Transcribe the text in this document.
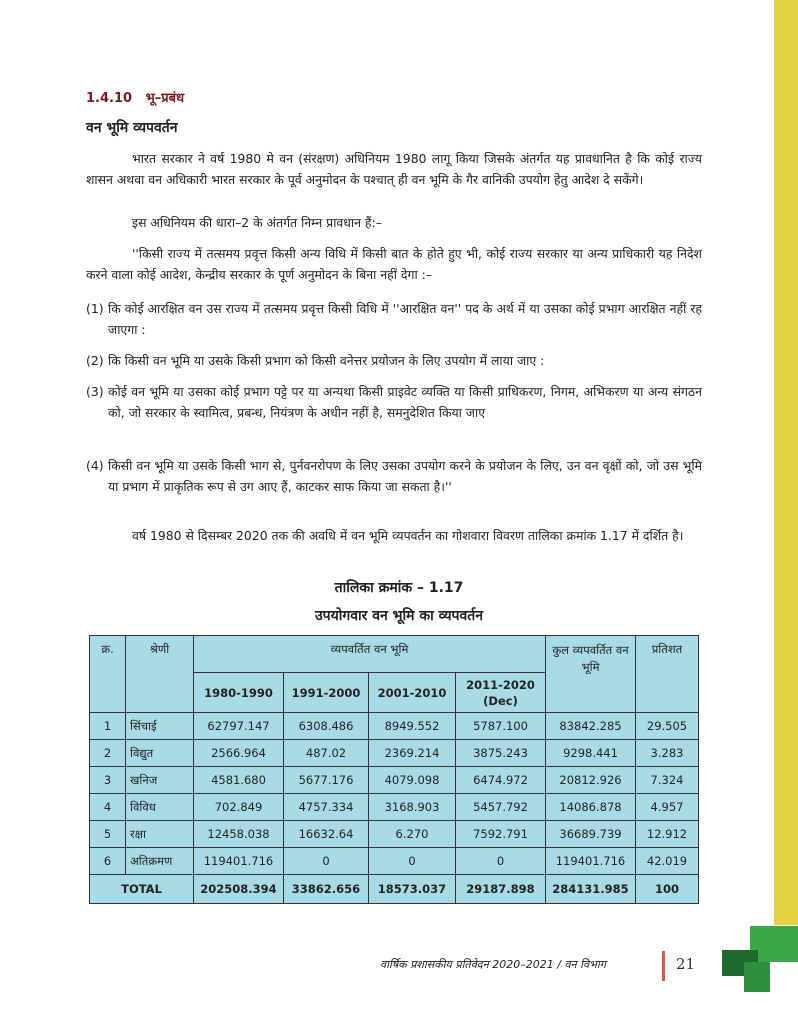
1.4.10 भू–प्रबंध
वन भूमि व्यपवर्तन
भारत सरकार ने वर्ष 1980 मे वन (संरक्षण) अधिनियम 1980 लागू किया जिसके अंतर्गत यह प्रावधानित है कि कोई राज्य शासन अथवा वन अधिकारी भारत सरकार के पूर्व अनुमोदन के पश्चात् ही वन भूमि के गैर वानिकी उपयोग हेतु आदेश दे सकेंगे।
इस अधिनियम की धारा–2 के अंतर्गत निम्न प्रावधान हैं:–
''किसी राज्य में तत्समय प्रवृत्त किसी अन्य विधि में किसी बात के होते हुए भी, कोई राज्य सरकार या अन्य प्राधिकारी यह निदेश करने वाला कोई आदेश, केन्द्रीय सरकार के पूर्ण अनुमोदन के बिना नहीं देगा :–
(1) कि कोई आरक्षित वन उस राज्य में तत्समय प्रवृत्त किसी विधि में ''आरक्षित वन'' पद के अर्थ में या उसका कोई प्रभाग आरक्षित नहीं रह जाएगा :
(2) कि किसी वन भूमि या उसके किसी प्रभाग को किसी वनेत्तर प्रयोजन के लिए उपयोग में लाया जाए :
(3) कोई वन भूमि या उसका कोई प्रभाग पट्टे पर या अन्यथा किसी प्राइवेट व्यक्ति या किसी प्राधिकरण, निगम, अभिकरण या अन्य संगठन को, जो सरकार के स्वामित्व, प्रबन्ध, नियंत्रण के अधीन नहीं है, समनुदेशित किया जाए
(4) किसी वन भूमि या उसके किसी भाग से, पुर्नवनरोपण के लिए उसका उपयोग करने के प्रयोजन के लिए, उन वन वृक्षों को, जो उस भूमि या प्रभाग में प्राकृतिक रूप से उग आए हैं, काटकर साफ किया जा सकता है।''
वर्ष 1980 से दिसम्बर 2020 तक की अवधि में वन भूमि व्यपवर्तन का गोशवारा विवरण तालिका क्रमांक 1.17 में दर्शित है।
तालिका क्रमांक – 1.17
उपयोगवार वन भूमि का व्यपवर्तन
क्र.	श्रेणी	व्यपवर्तित वन भूमि				कुल व्यपवर्तित वन भूमि	प्रतिशत
		1980-1990	1991-2000	2001-2010	2011-2020
(Dec)		
1	सिंचाई	62797.147	6308.486	8949.552	5787.100	83842.285	29.505
2	विद्युत	2566.964	487.02	2369.214	3875.243	9298.441	3.283
3	खनिज	4581.680	5677.176	4079.098	6474.972	20812.926	7.324
4	विविध	702.849	4757.334	3168.903	5457.792	14086.878	4.957
5	रक्षा	12458.038	16632.64	6.270	7592.791	36689.739	12.912
6	अतिक्रमण	119401.716	0	0	0	119401.716	42.019
TOTAL		202508.394	33862.656	18573.037	29187.898	284131.985	100
वार्षिक प्रशासकीय प्रतिवेदन 2020–2021 / वन विभाग	21
